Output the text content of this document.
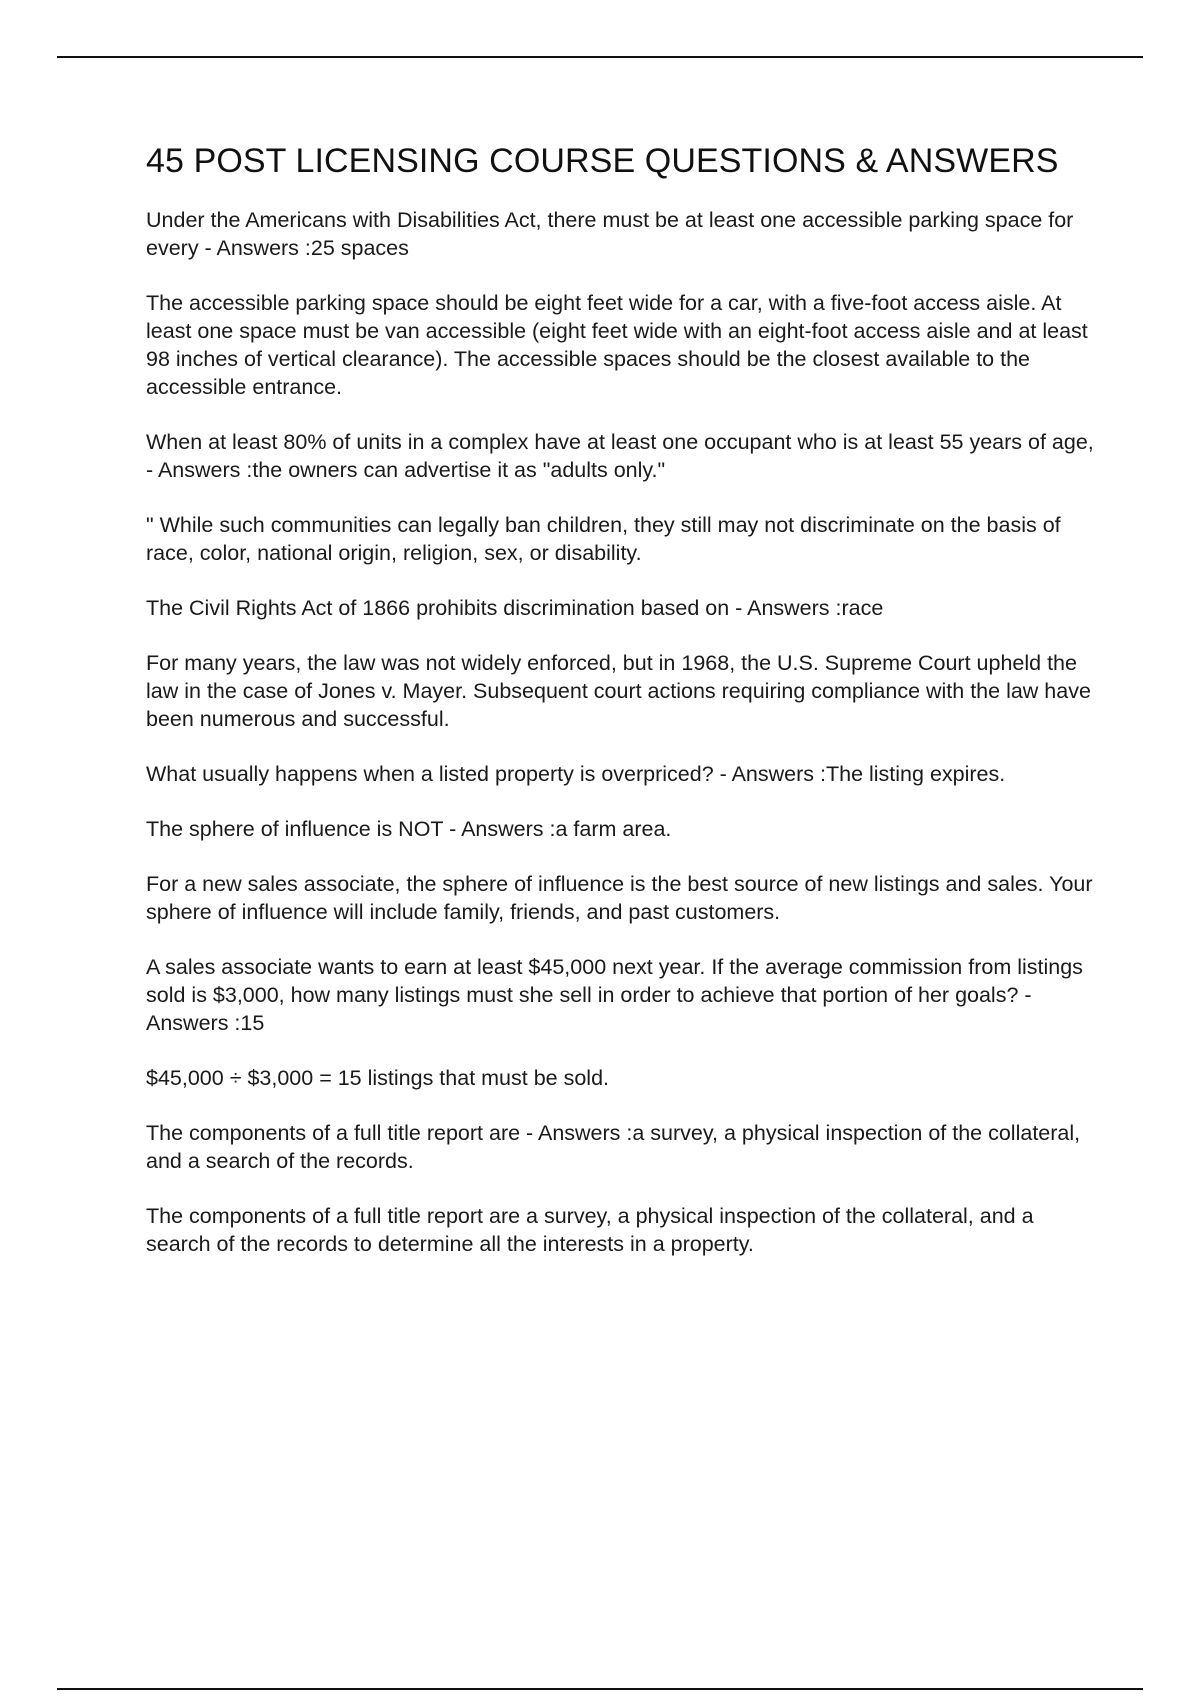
45 POST LICENSING COURSE QUESTIONS & ANSWERS

Under the Americans with Disabilities Act, there must be at least one accessible parking space for every - Answers :25 spaces

The accessible parking space should be eight feet wide for a car, with a five-foot access aisle. At least one space must be van accessible (eight feet wide with an eight-foot access aisle and at least 98 inches of vertical clearance). The accessible spaces should be the closest available to the accessible entrance.

When at least 80% of units in a complex have at least one occupant who is at least 55 years of age, - Answers :the owners can advertise it as "adults only."

" While such communities can legally ban children, they still may not discriminate on the basis of race, color, national origin, religion, sex, or disability.

The Civil Rights Act of 1866 prohibits discrimination based on - Answers :race

For many years, the law was not widely enforced, but in 1968, the U.S. Supreme Court upheld the law in the case of Jones v. Mayer. Subsequent court actions requiring compliance with the law have been numerous and successful.

What usually happens when a listed property is overpriced? - Answers :The listing expires.

The sphere of influence is NOT - Answers :a farm area.

For a new sales associate, the sphere of influence is the best source of new listings and sales. Your sphere of influence will include family, friends, and past customers.

A sales associate wants to earn at least $45,000 next year. If the average commission from listings sold is $3,000, how many listings must she sell in order to achieve that portion of her goals? - Answers :15

$45,000 ÷ $3,000 = 15 listings that must be sold.

The components of a full title report are - Answers :a survey, a physical inspection of the collateral, and a search of the records.

The components of a full title report are a survey, a physical inspection of the collateral, and a search of the records to determine all the interests in a property.
